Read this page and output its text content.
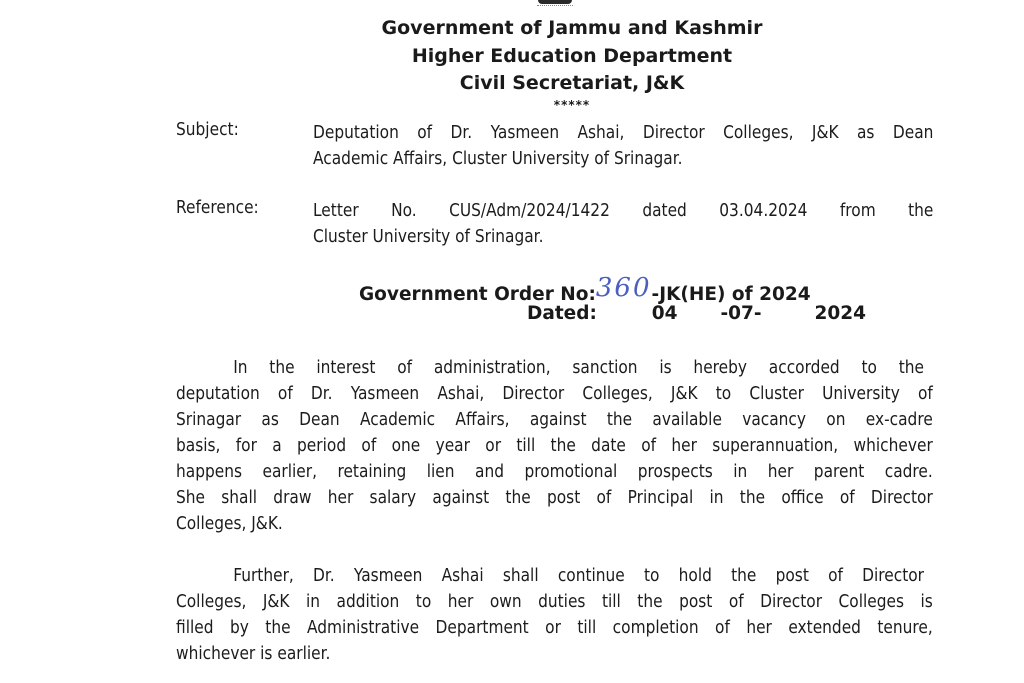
Government of Jammu and Kashmir
Higher Education Department
Civil Secretariat, J&K
*****
Subject:	Deputation of Dr. Yasmeen Ashai, Director Colleges, J&K as Dean
Academic Affairs, Cluster University of Srinagar.
Reference:	Letter No. CUS/Adm/2024/1422 dated 03.04.2024 from the
Cluster University of Srinagar.
Government Order No:360-JK(HE) of 2024
Dated:	04 -07-	2024
In the interest of administration, sanction is hereby accorded to the
deputation of Dr. Yasmeen Ashai, Director Colleges, J&K to Cluster University of
Srinagar as Dean Academic Affairs, against the available vacancy on ex-cadre
basis, for a period of one year or till the date of her superannuation, whichever
happens earlier, retaining lien and promotional prospects in her parent cadre.
She shall draw her salary against the post of Principal in the office of Director
Colleges, J&K.
Further, Dr. Yasmeen Ashai shall continue to hold the post of Director
Colleges, J&K in addition to her own duties till the post of Director Colleges is
filled by the Administrative Department or till completion of her extended tenure,
whichever is earlier.
